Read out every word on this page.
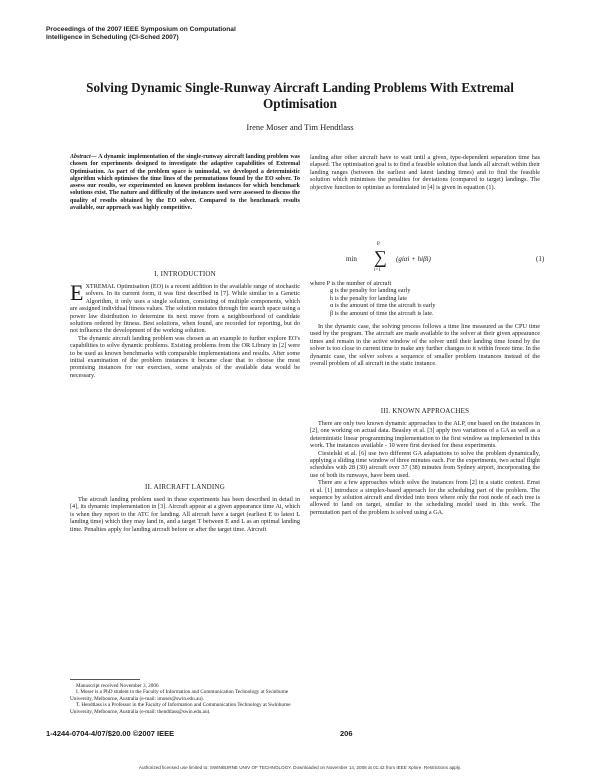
Proceedings of the 2007 IEEE Symposium on Computational
Intelligence in Scheduling (CI-Sched 2007)
Solving Dynamic Single-Runway Aircraft Landing Problems With Extremal Optimisation
Irene Moser and Tim Hendtlass
Abstract— A dynamic implementation of the single-runway aircraft landing problem was chosen for experiments designed to investigate the adaptive capabilities of Extremal Optimisation. As part of the problem space is unimodal, we developed a deterministic algorithm which optimises the time lines of the permutations found by the EO solver. To assess our results, we experimented on known problem instances for which benchmark solutions exist. The nature and difficulty of the instances used were assessed to discuss the quality of results obtained by the EO solver. Compared to the benchmark results available, our approach was highly competitive.
I. INTRODUCTION

EXTREMAL Optimisation (EO) is a recent addition to the available range of stochastic solvers. In its current form, it was first described in [7]. While similar to a Genetic Algorithm, it only uses a single solution, consisting of multiple components, which are assigned individual fitness values. The solution mutates through fire search space using a power law distribution to determine its next move from a neighbourhood of candidate solutions ordered by fitness. Best solutions, when found, are recorded for reporting, but do not influence the development of the working solution.

The dynamic aircraft landing problem was chosen as an example to further explore EO's capabilities to solve dynamic problems. Existing problems from the OR Library in [2] were to be used as known benchmarks with comparable implementations and results. After some initial examination of the problem instances it became clear that to choose the most promising instances for our exercises, some analysis of the available data would be necessary.

II. AIRCRAFT LANDING

The aircraft landing problem used in these experiments has been described in detail in [4], its dynamic implementation in [3]. Aircraft appear at a given appearance time Ai, which is when they report to the ATC for landing. All aircraft have a target (earliest E to latest L landing time) which they may land in, and a target T between E and L as an optimal landing time. Penalties apply for landing aircraft before or after the target time. Aircraft

Manuscript received November 3, 2006

I. Moser is a PhD student in the Faculty of Information and Communication Technology at Swinburne University, Melbourne, Australia (e-mail: imoser@swin.edu.au).

T. Hendtlass is a Professor in the Faculty of Information and Communication Technology at Swinburne University, Melbourne, Australia (e-mail: thendtlass@swin.edu.au).

landing after other aircraft have to wait until a given, type-dependent separation time has elapsed. The optimisation goal is to find a feasible solution that lands all aircraft within their landing ranges (between the earliest and latest landing times) and to find the feasible solution which minimises the penalties for deviations (compared to target) landings. The objective function to optimise as formulated in [4] is given in equation (1).

min
P
∑
i=1
(giαi + hiβi)	(1)
where P is the number of aircraft
g is the penalty for landing early
h is the penalty for landing late
α is the amount of time the aircraft is early
β is the amount of time the aircraft is late.

In the dynamic case, the solving process follows a time line measured as the CPU time used by the program. The aircraft are made available to the solver at their given appearance times and remain in the active window of the solver until their landing time found by the solver is too close to current time to make any further changes to it within freeze time. In the dynamic case, the solver solves a sequence of smaller problem instances instead of the overall problem of all aircraft in the static instance.

III. KNOWN APPROACHES

There are only two known dynamic approaches to the ALP, one based on the instances in [2], one working on actual data. Beasley et al. [3] apply two variations of a GA as well as a deterministic linear programming implementation to the first window as implemented in this work. The instances available - 10 were first devised for these experiments.

Ciesielski et al. [6] use two different GA adaptations to solve the problem dynamically, applying a sliding time window of three minutes each. For the experiments, two actual flight schedules with 28 (30) aircraft over 37 (38) minutes from Sydney airport, incorporating the use of both its runways, have been used.

There are a few approaches which solve the instances from [2] in a static context. Ernst et al. [1] introduce a simplex-based approach for the scheduling part of the problem. The sequence by solution aircraft and divided into trees where only the root node of each tree is allowed to land on target, similar to the scheduling model used in this work. The permutation part of the problem is solved using a GA.

1-4244-0704-4/07/$20.00 ©2007 IEEE	206
Authorized licensed use limited to: SWINBURNE UNIV OF TECHNOLOGY. Downloaded on November 14, 2008 at 01:42 from IEEE Xplore. Restrictions apply.
